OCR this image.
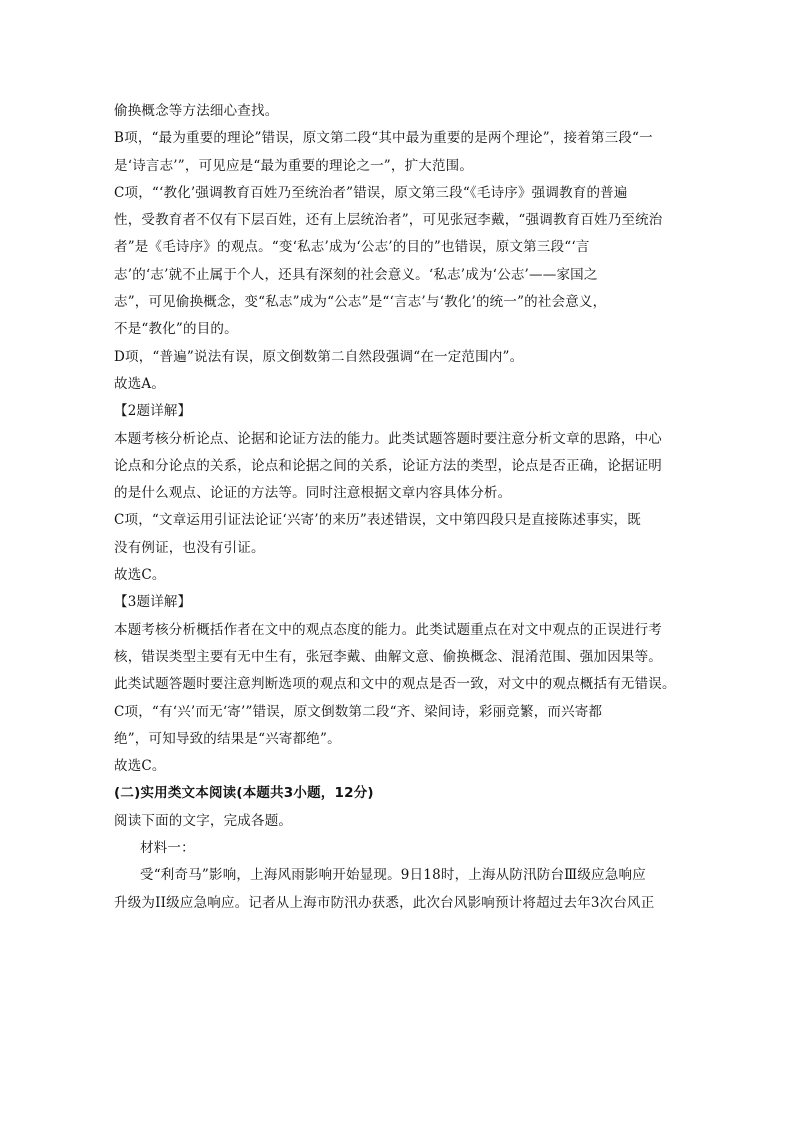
偷换概念等方法细心查找。
B项，“最为重要的理论”错误，原文第二段“其中最为重要的是两个理论”，接着第三段“一
是‘诗言志’”，可见应是“最为重要的理论之一”，扩大范围。
C项，“‘教化’强调教育百姓乃至统治者”错误，原文第三段“《毛诗序》强调教育的普遍
性，受教育者不仅有下层百姓，还有上层统治者”，可见张冠李戴，“强调教育百姓乃至统治
者”是《毛诗序》的观点。“变‘私志’成为‘公志’的目的”也错误，原文第三段“‘言
志’的‘志’就不止属于个人，还具有深刻的社会意义。‘私志’成为‘公志’——家国之
志”，可见偷换概念，变“私志”成为“公志”是“‘言志’与‘教化’的统一”的社会意义，
不是“教化”的目的。
D项，“普遍”说法有误，原文倒数第二自然段强调“在一定范围内”。
故选A。
【2题详解】
本题考核分析论点、论据和论证方法的能力。此类试题答题时要注意分析文章的思路，中心
论点和分论点的关系，论点和论据之间的关系，论证方法的类型，论点是否正确，论据证明
的是什么观点、论证的方法等。同时注意根据文章内容具体分析。
C项，“文章运用引证法论证‘兴寄’的来历”表述错误，文中第四段只是直接陈述事实，既
没有例证，也没有引证。
故选C。
【3题详解】
本题考核分析概括作者在文中的观点态度的能力。此类试题重点在对文中观点的正误进行考
核，错误类型主要有无中生有，张冠李戴、曲解文意、偷换概念、混淆范围、强加因果等。
此类试题答题时要注意判断选项的观点和文中的观点是否一致，对文中的观点概括有无错误。
C项，“有‘兴’而无‘寄’”错误，原文倒数第二段“齐、梁间诗，彩丽竞繁，而兴寄都
绝”，可知导致的结果是“兴寄都绝”。
故选C。
(二)实用类文本阅读(本题共3小题，12分)
阅读下面的文字，完成各题。
材料一：
受“利奇马”影响，上海风雨影响开始显现。9日18时，上海从防汛防台Ⅲ级应急响应
升级为II级应急响应。记者从上海市防汛办获悉，此次台风影响预计将超过去年3次台风正
